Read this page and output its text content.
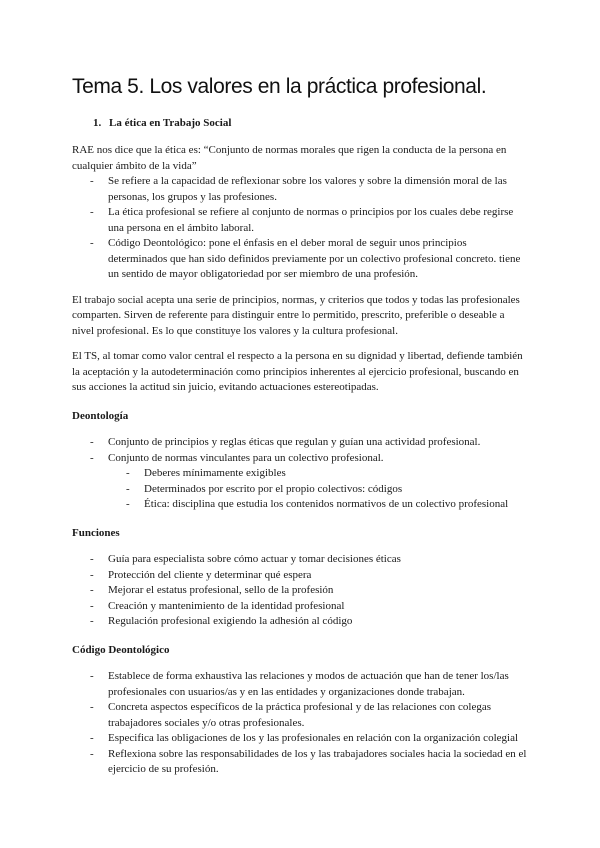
Tema 5. Los valores en la práctica profesional.
1. La ética en Trabajo Social

RAE nos dice que la ética es: “Conjunto de normas morales que rigen la conducta de la persona en cualquier ámbito de la vida”

- Se refiere a la capacidad de reflexionar sobre los valores y sobre la dimensión moral de las personas, los grupos y las profesiones.
- La ética profesional se refiere al conjunto de normas o principios por los cuales debe regirse una persona en el ámbito laboral.
- Código Deontológico: pone el énfasis en el deber moral de seguir unos principios determinados que han sido definidos previamente por un colectivo profesional concreto. tiene un sentido de mayor obligatoriedad por ser miembro de una profesión.

El trabajo social acepta una serie de principios, normas, y criterios que todos y todas las profesionales comparten. Sirven de referente para distinguir entre lo permitido, prescrito, preferible o deseable a nivel profesional. Es lo que constituye los valores y la cultura profesional.

El TS, al tomar como valor central el respecto a la persona en su dignidad y libertad, defiende también la aceptación y la autodeterminación como principios inherentes al ejercicio profesional, buscando en sus acciones la actitud sin juicio, evitando actuaciones estereotipadas.

Deontología
- Conjunto de principios y reglas éticas que regulan y guían una actividad profesional.
- Conjunto de normas vinculantes para un colectivo profesional.
- Deberes mínimamente exigibles
- Determinados por escrito por el propio colectivos: códigos
- Ética: disciplina que estudia los contenidos normativos de un colectivo profesional
Funciones
- Guía para especialista sobre cómo actuar y tomar decisiones éticas
- Protección del cliente y determinar qué espera
- Mejorar el estatus profesional, sello de la profesión
- Creación y mantenimiento de la identidad profesional
- Regulación profesional exigiendo la adhesión al código
Código Deontológico
- Establece de forma exhaustiva las relaciones y modos de actuación que han de tener los/las profesionales con usuarios/as y en las entidades y organizaciones donde trabajan.
- Concreta aspectos específicos de la práctica profesional y de las relaciones con colegas trabajadores sociales y/o otras profesionales.
- Especifica las obligaciones de los y las profesionales en relación con la organización colegial
- Reflexiona sobre las responsabilidades de los y las trabajadores sociales hacia la sociedad en el ejercicio de su profesión.
